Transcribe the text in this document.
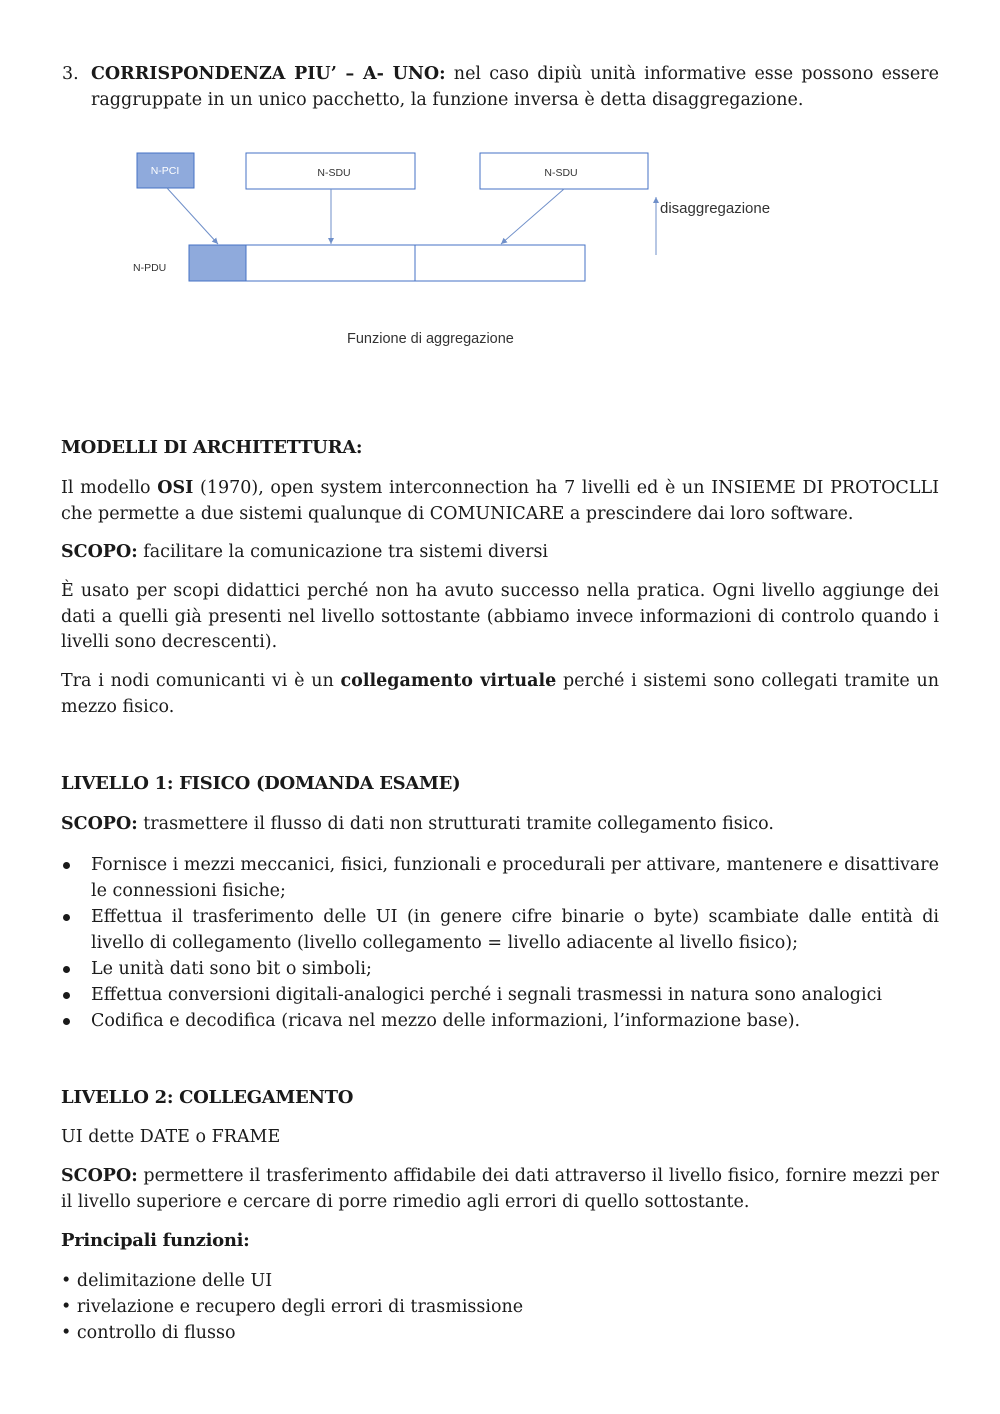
3. CORRISPONDENZA PIU’ – A- UNO: nel caso dipiù unità informative esse possono essere raggruppate in un unico pacchetto, la funzione inversa è detta disaggregazione.

N-PCI	N-SDU	N-SDU
disaggregazione
N-PDU
Funzione di aggregazione

MODELLI DI ARCHITETTURA:

Il modello OSI (1970), open system interconnection ha 7 livelli ed è un INSIEME DI PROTOCLLI che permette a due sistemi qualunque di COMUNICARE a prescindere dai loro software.

SCOPO: facilitare la comunicazione tra sistemi diversi

È usato per scopi didattici perché non ha avuto successo nella pratica. Ogni livello aggiunge dei dati a quelli già presenti nel livello sottostante (abbiamo invece informazioni di controlo quando i livelli sono decrescenti).

Tra i nodi comunicanti vi è un collegamento virtuale perché i sistemi sono collegati tramite un mezzo fisico.

LIVELLO 1: FISICO (DOMANDA ESAME)

SCOPO: trasmettere il flusso di dati non strutturati tramite collegamento fisico.

Fornisce i mezzi meccanici, fisici, funzionali e procedurali per attivare, mantenere e disattivare le connessioni fisiche;
Effettua il trasferimento delle UI (in genere cifre binarie o byte) scambiate dalle entità di livello di collegamento (livello collegamento = livello adiacente al livello fisico);
Le unità dati sono bit o simboli;
Effettua conversioni digitali-analogici perché i segnali trasmessi in natura sono analogici
Codifica e decodifica (ricava nel mezzo delle informazioni, l’informazione base).

LIVELLO 2: COLLEGAMENTO

UI dette DATE o FRAME

SCOPO: permettere il trasferimento affidabile dei dati attraverso il livello fisico, fornire mezzi per il livello superiore e cercare di porre rimedio agli errori di quello sottostante.

Principali funzioni:

• delimitazione delle UI
• rivelazione e recupero degli errori di trasmissione
• controllo di flusso
